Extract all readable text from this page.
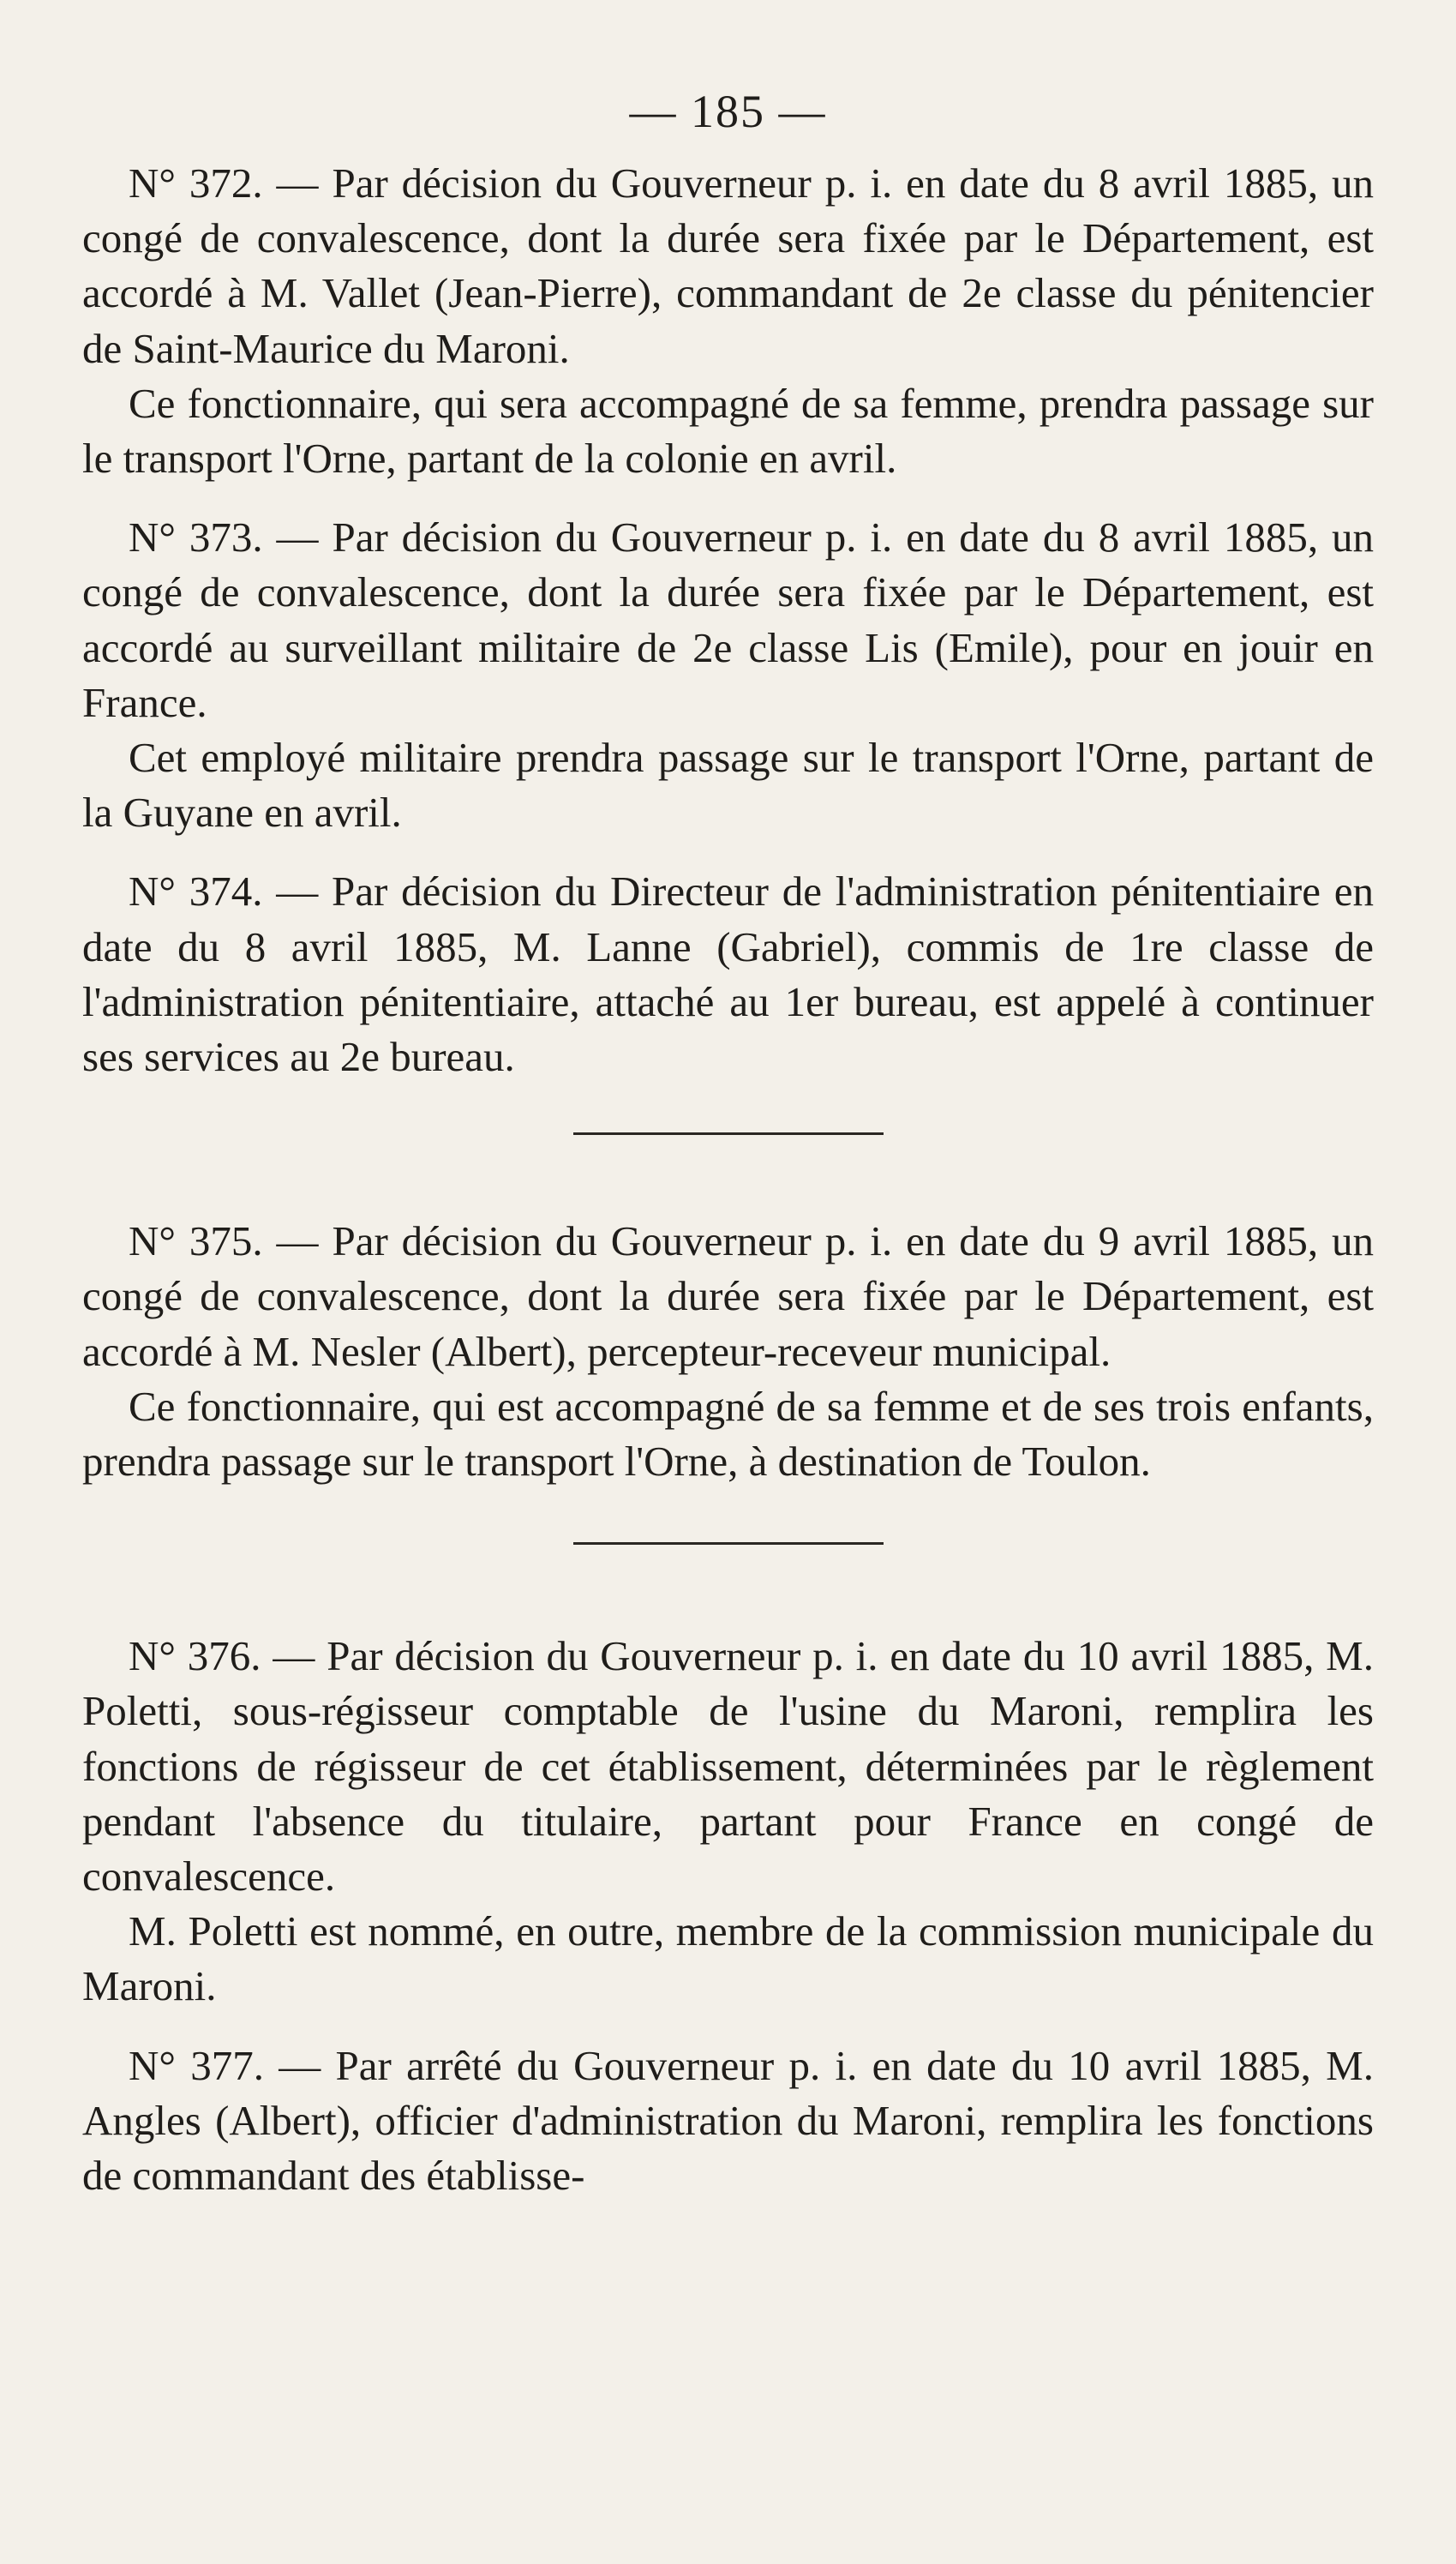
— 185 —

N° 372. — Par décision du Gouverneur p. i. en date du 8 avril 1885, un congé de convalescence, dont la durée sera fixée par le Département, est accordé à M. Vallet (Jean-Pierre), commandant de 2e classe du pénitencier de Saint-Maurice du Maroni.

Ce fonctionnaire, qui sera accompagné de sa femme, prendra passage sur le transport l'Orne, partant de la colonie en avril.

N° 373. — Par décision du Gouverneur p. i. en date du 8 avril 1885, un congé de convalescence, dont la durée sera fixée par le Département, est accordé au surveillant militaire de 2e classe Lis (Emile), pour en jouir en France.

Cet employé militaire prendra passage sur le transport l'Orne, partant de la Guyane en avril.

N° 374. — Par décision du Directeur de l'administration pénitentiaire en date du 8 avril 1885, M. Lanne (Gabriel), commis de 1re classe de l'administration pénitentiaire, attaché au 1er bureau, est appelé à continuer ses services au 2e bureau.

N° 375. — Par décision du Gouverneur p. i. en date du 9 avril 1885, un congé de convalescence, dont la durée sera fixée par le Département, est accordé à M. Nesler (Albert), percepteur-receveur municipal.

Ce fonctionnaire, qui est accompagné de sa femme et de ses trois enfants, prendra passage sur le transport l'Orne, à destination de Toulon.

N° 376. — Par décision du Gouverneur p. i. en date du 10 avril 1885, M. Poletti, sous-régisseur comptable de l'usine du Maroni, remplira les fonctions de régisseur de cet établissement, déterminées par le règlement pendant l'absence du titulaire, partant pour France en congé de convalescence.

M. Poletti est nommé, en outre, membre de la commission municipale du Maroni.

N° 377. — Par arrêté du Gouverneur p. i. en date du 10 avril 1885, M. Angles (Albert), officier d'administration du Maroni, remplira les fonctions de commandant des établisse-
